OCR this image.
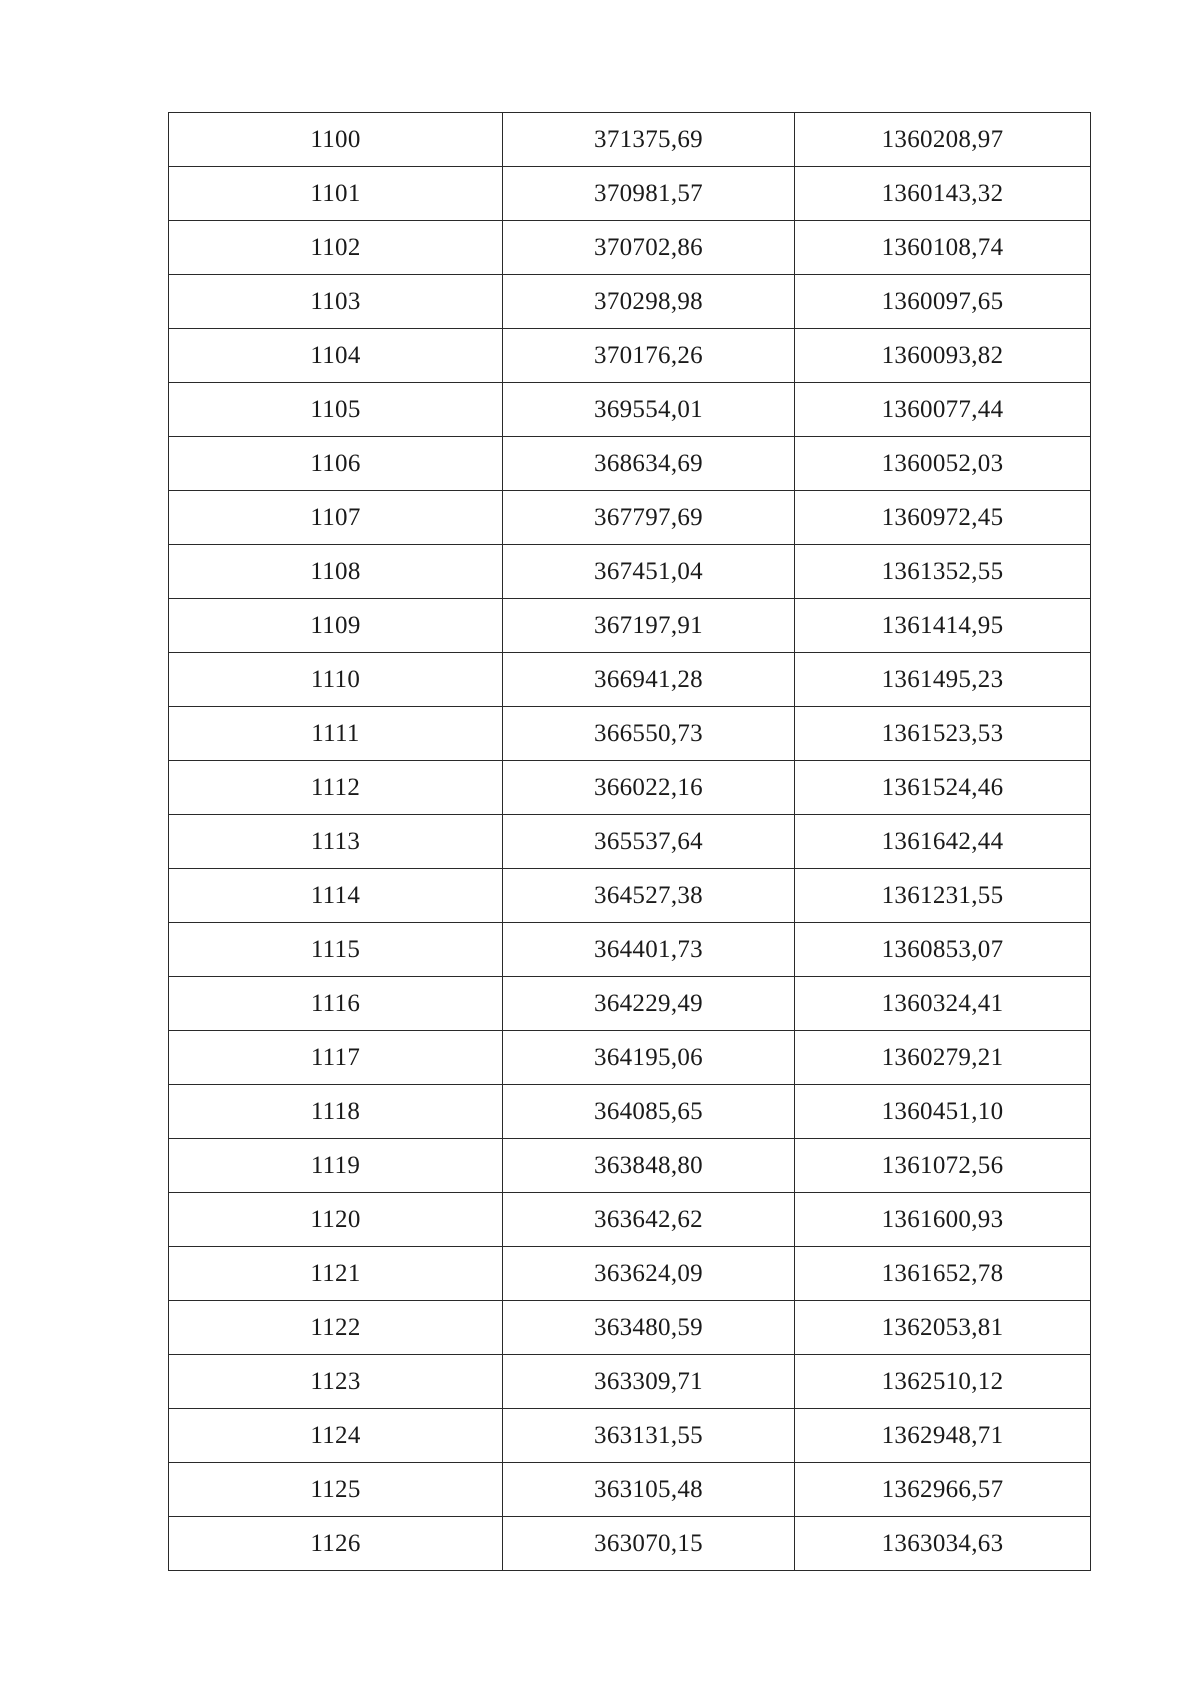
1100	371375,69	1360208,97
1101	370981,57	1360143,32
1102	370702,86	1360108,74
1103	370298,98	1360097,65
1104	370176,26	1360093,82
1105	369554,01	1360077,44
1106	368634,69	1360052,03
1107	367797,69	1360972,45
1108	367451,04	1361352,55
1109	367197,91	1361414,95
1110	366941,28	1361495,23
1111	366550,73	1361523,53
1112	366022,16	1361524,46
1113	365537,64	1361642,44
1114	364527,38	1361231,55
1115	364401,73	1360853,07
1116	364229,49	1360324,41
1117	364195,06	1360279,21
1118	364085,65	1360451,10
1119	363848,80	1361072,56
1120	363642,62	1361600,93
1121	363624,09	1361652,78
1122	363480,59	1362053,81
1123	363309,71	1362510,12
1124	363131,55	1362948,71
1125	363105,48	1362966,57
1126	363070,15	1363034,63
